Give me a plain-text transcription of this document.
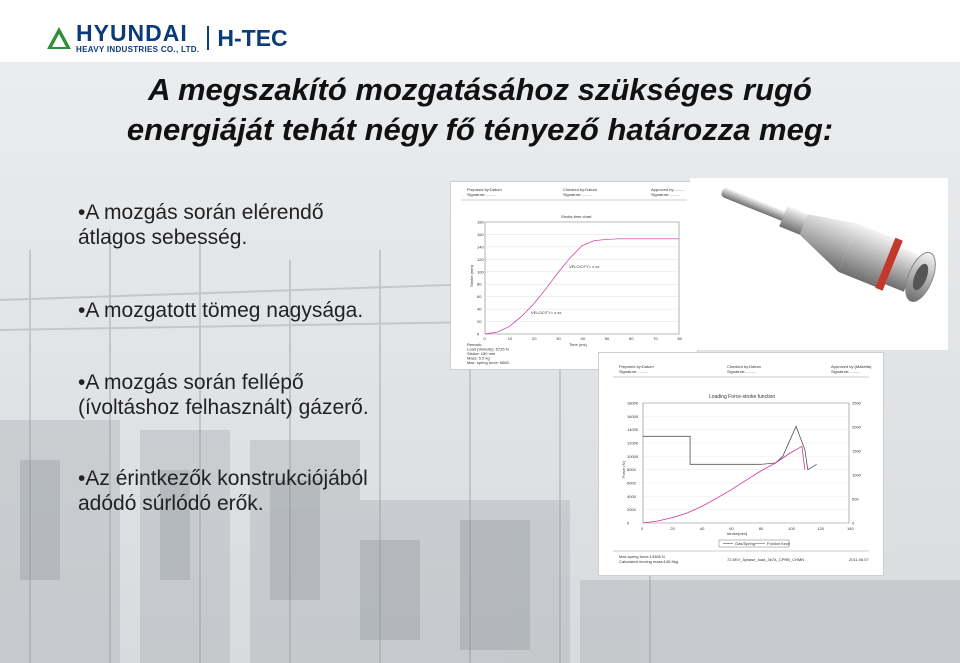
HYUNDAI
HEAVY INDUSTRIES CO., LTD. H-TEC
A megszakító mozgatásához szükséges rugó
energiáját tehát négy fő tényező határozza meg:
•A mozgás során elérendő
átlagos sebesség.
•A mozgatott tömeg nagysága.
•A mozgás során fellépő
(ívoltáshoz felhasznált) gázerő.
•Az érintkezők konstrukciójából
adódó súrlódó erők.
Prepared by:Datum
Signature:..........
Checked by:Datum
Signature:..........
Approved by:.........
Signature:..........
Stroke-time chart
Time (ms)
Stroke (mm)
Remark:
Load (Velocity): 6735 N
Stroke: 180 mm
Mass: 5.5 kg
Max. spring force: 6560
0
20
40
60
80
100
120
140
160
180
0	10	20	30	40	50	60	70	80
VELOCITY= x.xx
VELOCITY= x.xx
Prepared by:Datum
Signature:..........
Checked by:Datum
Signature:..........
Approved by:(Maketta)
Signature:..........
Loading Force-stroke function
stroke(mm)
Force (N)
0
2000
4000
6000
8000
10000
12000
14000
16000
18000
0
500
1000
1500
2000
2500
0	20	40	60	80	100	120	140
Gas/Spring	Friction force
Max spring force:13385 N
Calculated moving mass:145.5kg	72.5KV_3phase_load_3k7A_CPRB_CHMN	2011.06.07
